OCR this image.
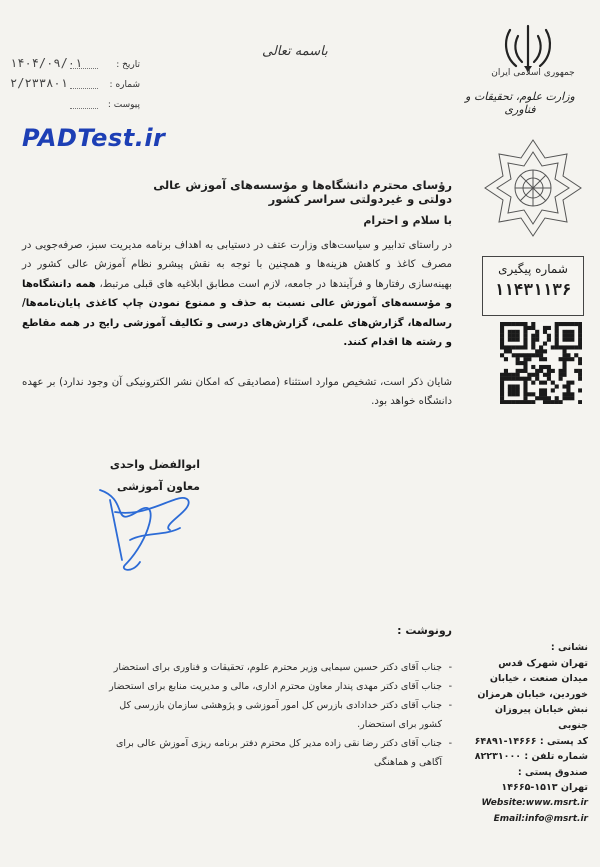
باسمه تعالی
جمهوری اسلامی ایران
وزارت علوم، تحقیقات و فناوری
تاریخ :
۱۴۰۴/۰۹/۰۱
شماره :
۲/۲۳۳۸۰۱
پیوست :
PADTest.ir
رؤسای محترم دانشگاه‌ها و مؤسسه‌های آموزش عالی دولتی و غیردولتی سراسر کشور
با سلام و احترام
در راستای تدابیر و سیاست‌های وزارت عتف در دستیابی به اهداف برنامه مدیریت سبز، صرفه‌جویی در مصرف کاغذ و کاهش هزینه‌ها و همچنین با توجه به نقش پیشرو نظام آموزش عالی کشور در بهینه‌سازی رفتارها و فرآیندها در جامعه، لازم است مطابق ابلاغیه های قبلی مرتبط، همه دانشگاه‌ها و مؤسسه‌های آموزش عالی نسبت به حذف و ممنوع نمودن چاپ کاغذی پایان‌نامه‌ها/رساله‌ها، گزارش‌های علمی، گزارش‌های درسی و تکالیف آموزشی رایج در همه مقاطع و رشته ها اقدام کنند.
شایان ذکر است، تشخیص موارد استثناء (مصادیقی که امکان نشر الکترونیکی آن وجود ندارد) بر عهده دانشگاه خواهد بود.
شماره پیگیری
۱۱۴۳۱۱۳۶
ابوالفضل واحدی
معاون آموزشی
رونوشت :
- جناب آقای دکتر حسین سیمایی وزیر محترم علوم، تحقیقات و فناوری برای استحضار
- جناب آقای دکتر مهدی پندار معاون محترم اداری، مالی و مدیریت منابع برای استحضار
- جناب آقای دکتر خدادادی بازرس کل امور آموزشی و پژوهشی سازمان بازرسی کل کشور برای استحضار.
- جناب آقای دکتر رضا نقی زاده مدیر کل محترم دفتر برنامه ریزی آموزش عالی برای آگاهی و هماهنگی
نشانی :
تهران شهرک قدس
میدان صنعت ، خیابان
خوردین، خیابان هرمزان
نبش خیابان پیروزان جنوبی
کد پستی : ۱۴۶۶۶-۶۴۸۹۱
شماره تلفن : ۸۲۲۳۱۰۰۰
صندوق پستی :
تهران ۱۵۱۳-۱۴۶۶۵
Website:www.msrt.ir
Email:info@msrt.ir
